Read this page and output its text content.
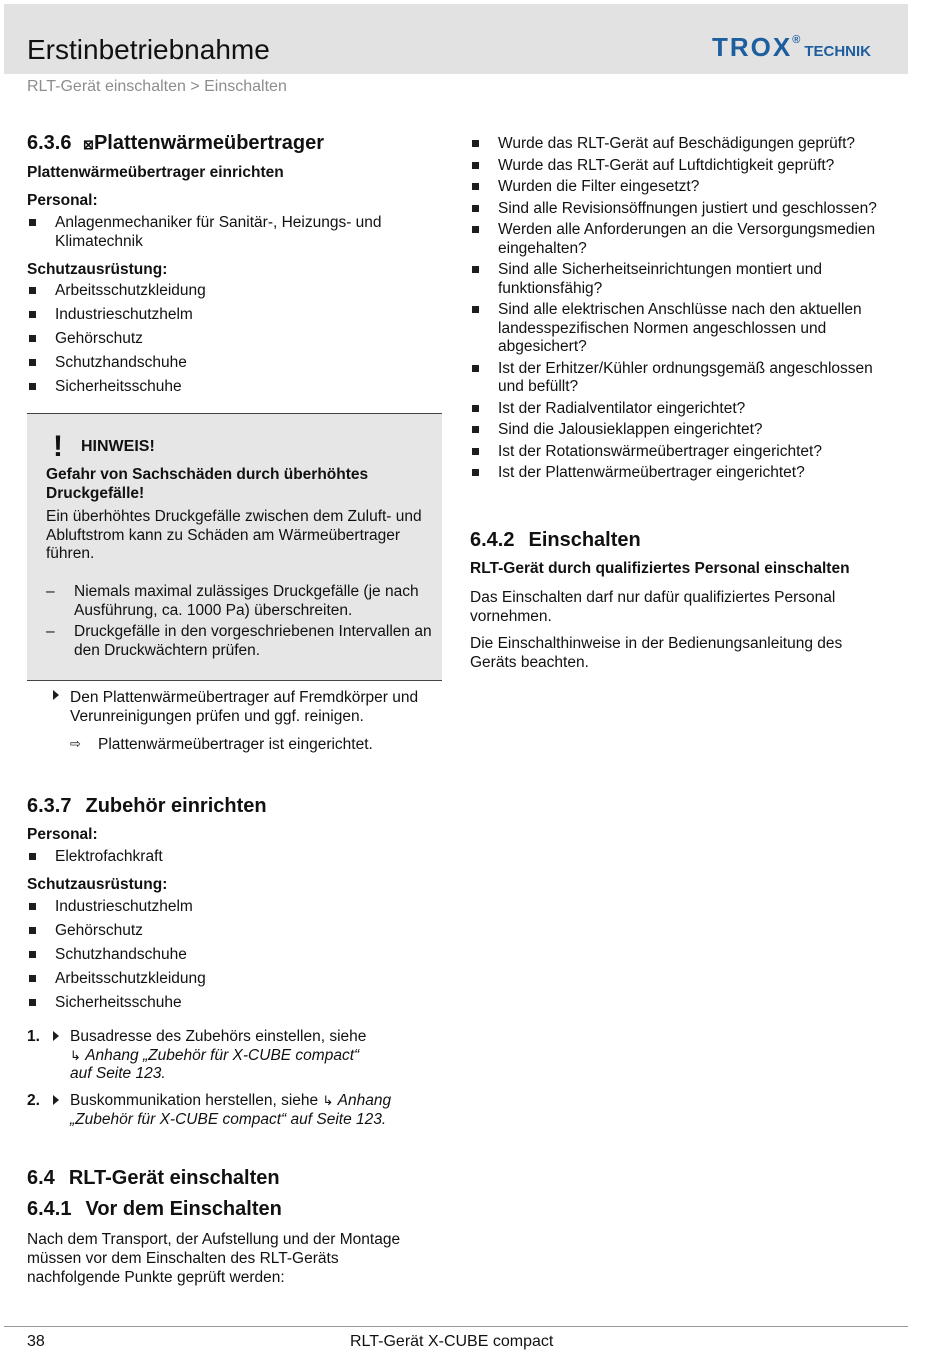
Erstinbetriebnahme	TROX®TECHNIK
RLT-Gerät einschalten > Einschalten
6.3.6 ⊠Plattenwärmeübertrager
Plattenwärmeübertrager einrichten
Personal:
Anlagenmechaniker für Sanitär-, Heizungs- und Klimatechnik
Schutzausrüstung:
Arbeitsschutzkleidung
Industrieschutzhelm
Gehörschutz
Schutzhandschuhe
Sicherheitsschuhe
! HINWEIS!
Gefahr von Sachschäden durch überhöhtes Druckgefälle!
Ein überhöhtes Druckgefälle zwischen dem Zuluft- und Abluftstrom kann zu Schäden am Wärmeübertrager führen.
– Niemals maximal zulässiges Druckgefälle (je nach Ausführung, ca. 1000 Pa) überschreiten.
– Druckgefälle in den vorgeschriebenen Intervallen an den Druckwächtern prüfen.
Den Plattenwärmeübertrager auf Fremdkörper und Verunreinigungen prüfen und ggf. reinigen.
⇨ Plattenwärmeübertrager ist eingerichtet.
6.3.7 Zubehör einrichten
Personal:
Elektrofachkraft
Schutzausrüstung:
Industrieschutzhelm
Gehörschutz
Schutzhandschuhe
Arbeitsschutzkleidung
Sicherheitsschuhe
1. Busadresse des Zubehörs einstellen, siehe
↳ Anhang „Zubehör für X-CUBE compact“
auf Seite 123.
2. Buskommunikation herstellen, siehe ↳ Anhang
„Zubehör für X-CUBE compact“ auf Seite 123.
6.4 RLT-Gerät einschalten
6.4.1 Vor dem Einschalten
Nach dem Transport, der Aufstellung und der Montage müssen vor dem Einschalten des RLT-Geräts nachfolgende Punkte geprüft werden:
Wurde das RLT-Gerät auf Beschädigungen geprüft?
Wurde das RLT-Gerät auf Luftdichtigkeit geprüft?
Wurden die Filter eingesetzt?
Sind alle Revisionsöffnungen justiert und geschlossen?
Werden alle Anforderungen an die Versorgungsmedien eingehalten?
Sind alle Sicherheitseinrichtungen montiert und funktionsfähig?
Sind alle elektrischen Anschlüsse nach den aktuellen landesspezifischen Normen angeschlossen und abgesichert?
Ist der Erhitzer/Kühler ordnungsgemäß angeschlossen und befüllt?
Ist der Radialventilator eingerichtet?
Sind die Jalousieklappen eingerichtet?
Ist der Rotationswärmeübertrager eingerichtet?
Ist der Plattenwärmeübertrager eingerichtet?
6.4.2 Einschalten
RLT-Gerät durch qualifiziertes Personal einschalten
Das Einschalten darf nur dafür qualifiziertes Personal vornehmen.
Die Einschalthinweise in der Bedienungsanleitung des Geräts beachten.
38	RLT-Gerät X-CUBE compact
